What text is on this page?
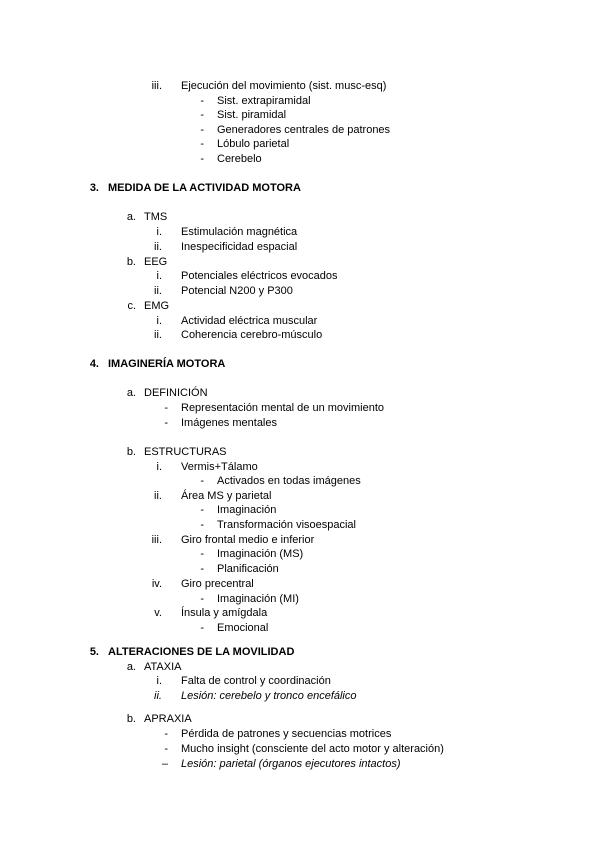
iii. Ejecución del movimiento (sist. musc-esq)
- Sist. extrapiramidal
- Sist. piramidal
- Generadores centrales de patrones
- Lóbulo parietal
- Cerebelo
3. MEDIDA DE LA ACTIVIDAD MOTORA
a. TMS
i. Estimulación magnética
ii. Inespecificidad espacial
b. EEG
i. Potenciales eléctricos evocados
ii. Potencial N200 y P300
c. EMG
i. Actividad eléctrica muscular
ii. Coherencia cerebro-músculo
4. IMAGINERÍA MOTORA
a. DEFINICIÓN
- Representación mental de un movimiento
- Imágenes mentales
b. ESTRUCTURAS
i. Vermis+Tálamo
- Activados en todas imágenes
ii. Área MS y parietal
- Imaginación
- Transformación visoespacial
iii. Giro frontal medio e inferior
- Imaginación (MS)
- Planificación
iv. Giro precentral
- Imaginación (MI)
v. Ínsula y amígdala
- Emocional
5. ALTERACIONES DE LA MOVILIDAD
a. ATAXIA
i. Falta de control y coordinación
ii. Lesión: cerebelo y tronco encefálico
b. APRAXIA
- Pérdida de patrones y secuencias motrices
- Mucho insight (consciente del acto motor y alteración)
– Lesión: parietal (órganos ejecutores intactos)
